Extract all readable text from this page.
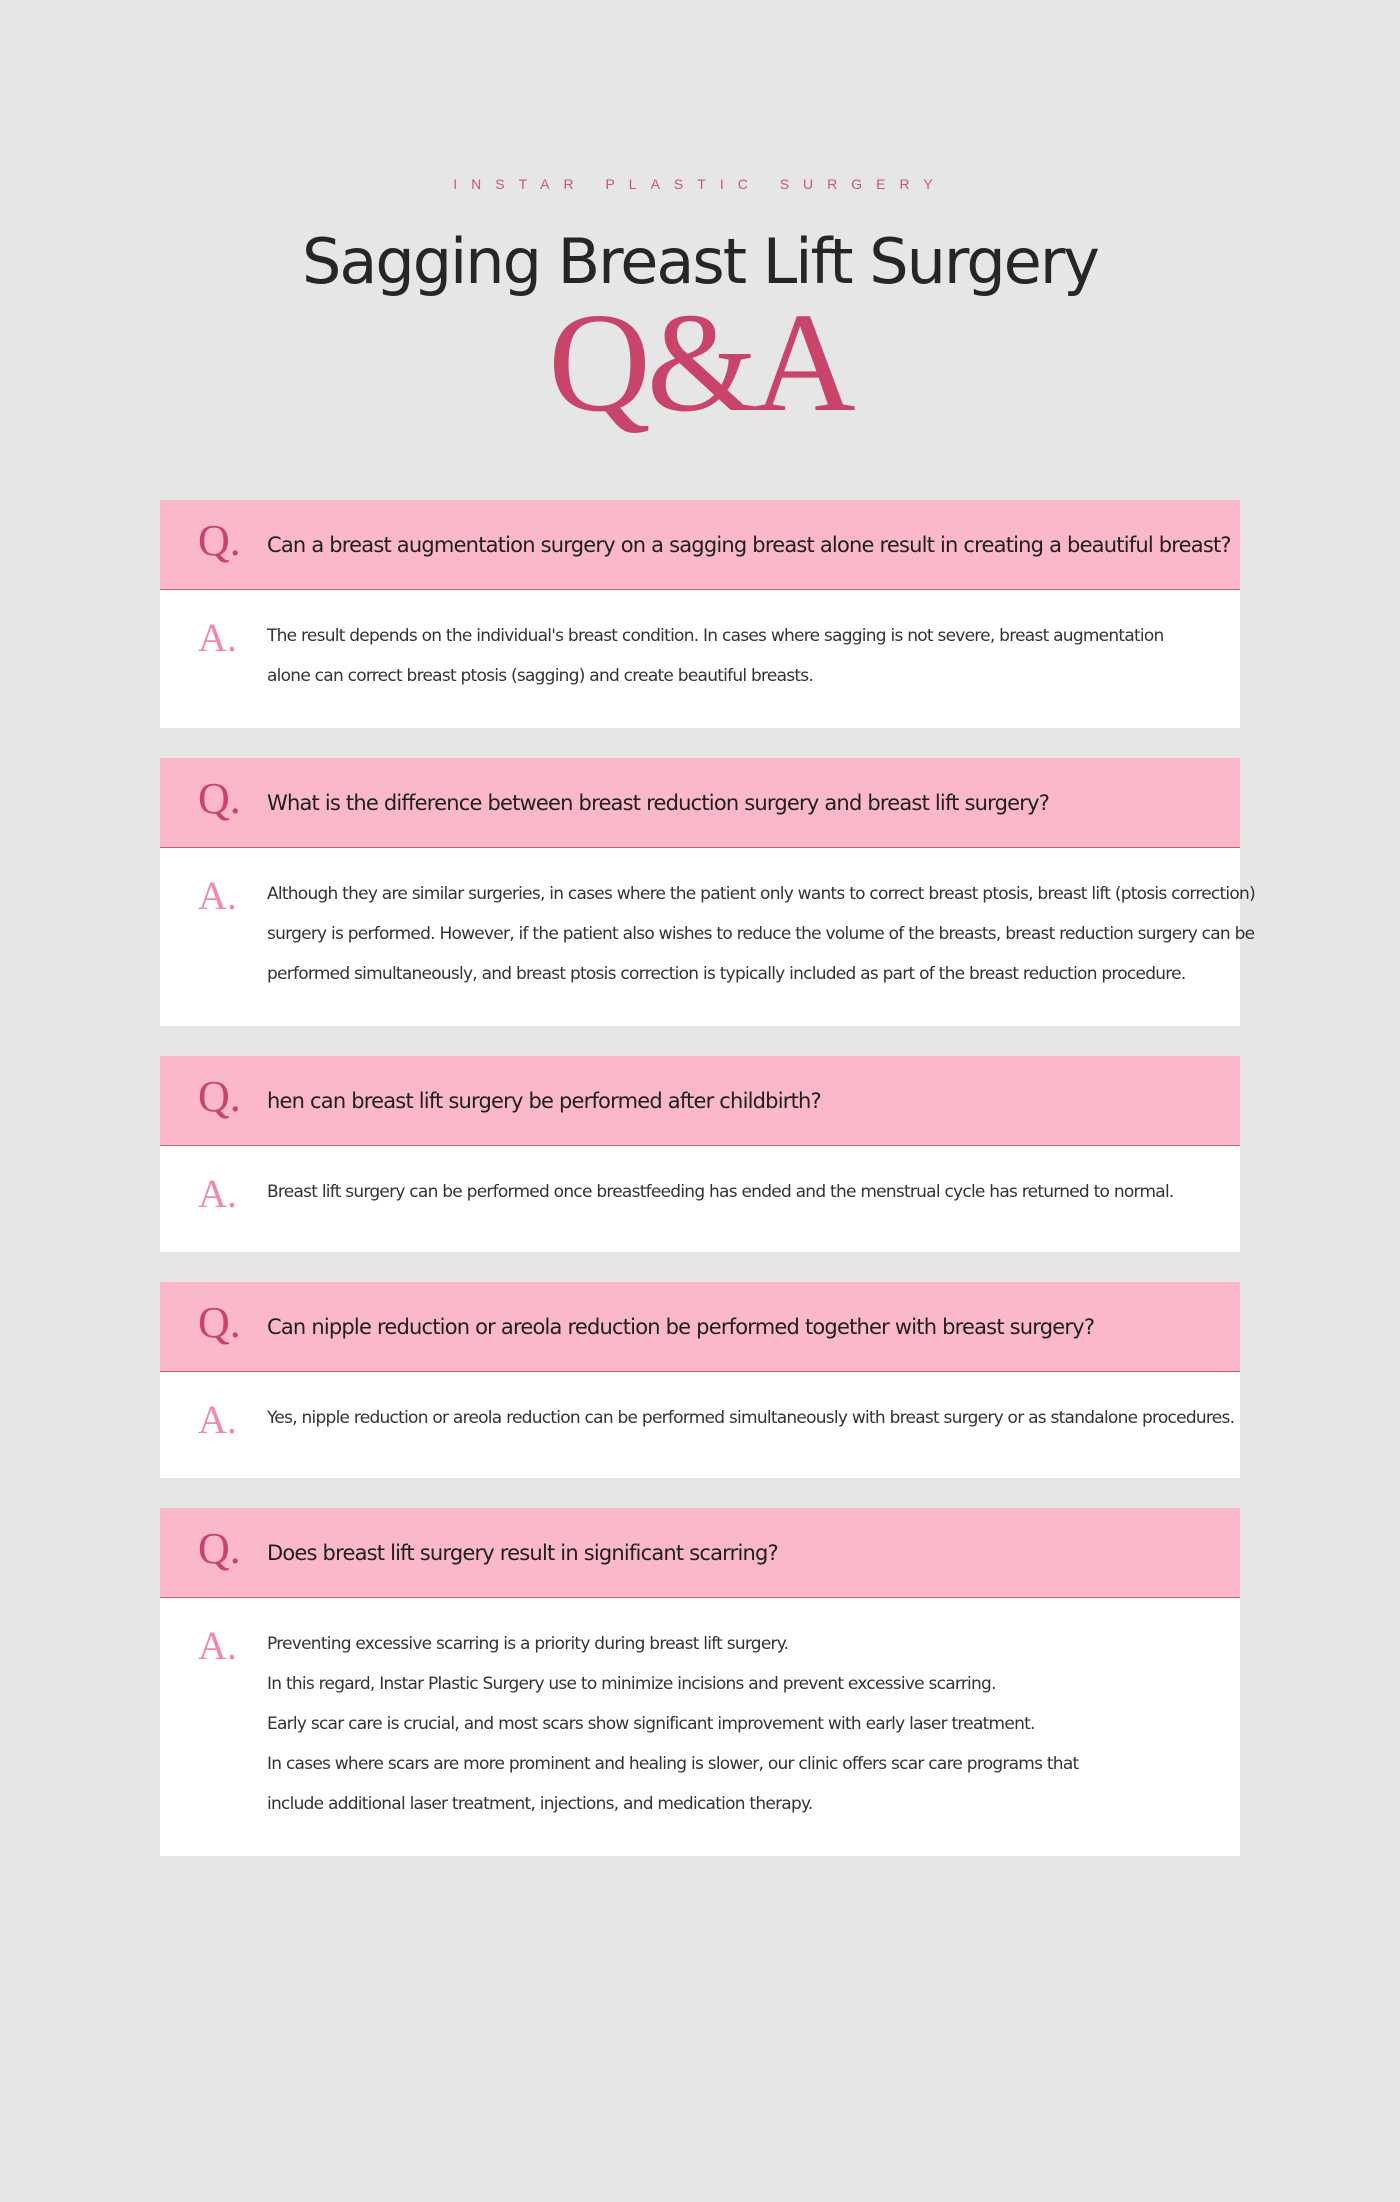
INSTAR PLASTIC SURGERY
Sagging Breast Lift Surgery
Q&A
Q.	Can a breast augmentation surgery on a sagging breast alone result in creating a beautiful breast?
A.	The result depends on the individual's breast condition. In cases where sagging is not severe, breast augmentation
alone can correct breast ptosis (sagging) and create beautiful breasts.
Q.	What is the difference between breast reduction surgery and breast lift surgery?
A.	Although they are similar surgeries, in cases where the patient only wants to correct breast ptosis, breast lift (ptosis correction)
surgery is performed. However, if the patient also wishes to reduce the volume of the breasts, breast reduction surgery can be
performed simultaneously, and breast ptosis correction is typically included as part of the breast reduction procedure.
Q.	hen can breast lift surgery be performed after childbirth?
A.	Breast lift surgery can be performed once breastfeeding has ended and the menstrual cycle has returned to normal.
Q.	Can nipple reduction or areola reduction be performed together with breast surgery?
A.	Yes, nipple reduction or areola reduction can be performed simultaneously with breast surgery or as standalone procedures.
Q.	Does breast lift surgery result in significant scarring?
A.	Preventing excessive scarring is a priority during breast lift surgery.
In this regard, Instar Plastic Surgery use to minimize incisions and prevent excessive scarring.
Early scar care is crucial, and most scars show significant improvement with early laser treatment.
In cases where scars are more prominent and healing is slower, our clinic offers scar care programs that
include additional laser treatment, injections, and medication therapy.
